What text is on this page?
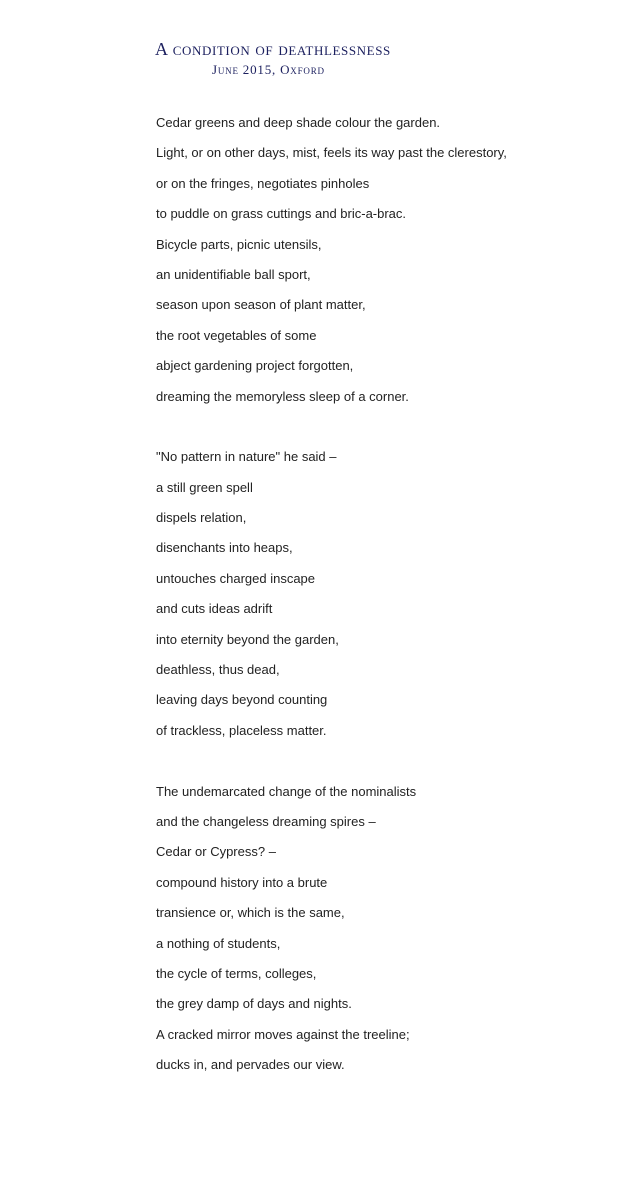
A condition of deathlessness
June 2015, Oxford
Cedar greens and deep shade colour the garden.
Light, or on other days, mist, feels its way past the clerestory,
or on the fringes, negotiates pinholes
to puddle on grass cuttings and bric-a-brac.
Bicycle parts, picnic utensils,
an unidentifiable ball sport,
season upon season of plant matter,
the root vegetables of some
abject gardening project forgotten,
dreaming the memoryless sleep of a corner.
"No pattern in nature" he said –
a still green spell
dispels relation,
disenchants into heaps,
untouches charged inscape
and cuts ideas adrift
into eternity beyond the garden,
deathless, thus dead,
leaving days beyond counting
of trackless, placeless matter.
The undemarcated change of the nominalists
and the changeless dreaming spires –
Cedar or Cypress? –
compound history into a brute
transience or, which is the same,
a nothing of students,
the cycle of terms, colleges,
the grey damp of days and nights.
A cracked mirror moves against the treeline;
ducks in, and pervades our view.
